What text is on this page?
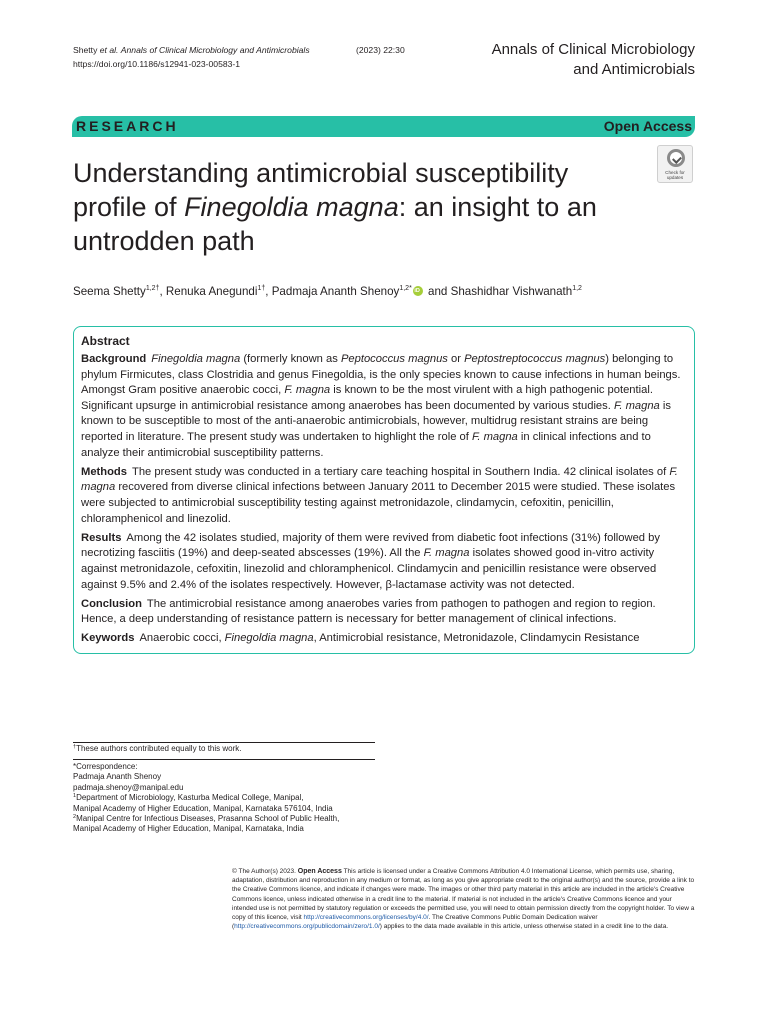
Shetty et al. Annals of Clinical Microbiology and Antimicrobials
https://doi.org/10.1186/s12941-023-00583-1
(2023) 22:30	Annals of Clinical Microbiology
and Antimicrobials
RESEARCH	Open Access
Understanding antimicrobial susceptibility profile of Finegoldia magna: an insight to an untrodden path
Check for
updates
Seema Shetty$^{1,2\dagger}$, Renuka Anegundi$^{1\dagger}$, Padmaja Ananth Shenoy$^{1,2*}$iD and Shashidhar Vishwanath$^{1,2}$
Abstract

Background Finegoldia magna (formerly known as Peptococcus magnus or Peptostreptococcus magnus) belonging to phylum Firmicutes, class Clostridia and genus Finegoldia, is the only species known to cause infections in human beings. Amongst Gram positive anaerobic cocci, F. magna is known to be the most virulent with a high pathogenic potential. Significant upsurge in antimicrobial resistance among anaerobes has been documented by various studies. F. magna is known to be susceptible to most of the anti-anaerobic antimicrobials, however, multidrug resistant strains are being reported in literature. The present study was undertaken to highlight the role of F. magna in clinical infections and to analyze their antimicrobial susceptibility patterns.

Methods The present study was conducted in a tertiary care teaching hospital in Southern India. 42 clinical isolates of F. magna recovered from diverse clinical infections between January 2011 to December 2015 were studied. These isolates were subjected to antimicrobial susceptibility testing against metronidazole, clindamycin, cefoxitin, penicillin, chloramphenicol and linezolid.

Results Among the 42 isolates studied, majority of them were revived from diabetic foot infections (31%) followed by necrotizing fasciitis (19%) and deep-seated abscesses (19%). All the F. magna isolates showed good in-vitro activity against metronidazole, cefoxitin, linezolid and chloramphenicol. Clindamycin and penicillin resistance were observed against 9.5% and 2.4% of the isolates respectively. However, β-lactamase activity was not detected.

Conclusion The antimicrobial resistance among anaerobes varies from pathogen to pathogen and region to region. Hence, a deep understanding of resistance pattern is necessary for better management of clinical infections.

Keywords Anaerobic cocci, Finegoldia magna, Antimicrobial resistance, Metronidazole, Clindamycin Resistance

†These authors contributed equally to this work.
*Correspondence:
Padmaja Ananth Shenoy
padmaja.shenoy@manipal.edu
$^1$Department of Microbiology, Kasturba Medical College, Manipal,
Manipal Academy of Higher Education, Manipal, Karnataka 576104, India
$^2$Manipal Centre for Infectious Diseases, Prasanna School of Public Health,
Manipal Academy of Higher Education, Manipal, Karnataka, India
© The Author(s) 2023. Open Access This article is licensed under a Creative Commons Attribution 4.0 International License, which permits use, sharing, adaptation, distribution and reproduction in any medium or format, as long as you give appropriate credit to the original author(s) and the source, provide a link to the Creative Commons licence, and indicate if changes were made. The images or other third party material in this article are included in the article's Creative Commons licence, unless indicated otherwise in a credit line to the material. If material is not included in the article's Creative Commons licence and your intended use is not permitted by statutory regulation or exceeds the permitted use, you will need to obtain permission directly from the copyright holder. To view a copy of this licence, visit http://creativecommons.org/licenses/by/4.0/. The Creative Commons Public Domain Dedication waiver (http://creativecommons.org/publicdomain/zero/1.0/) applies to the data made available in this article, unless otherwise stated in a credit line to the data.
